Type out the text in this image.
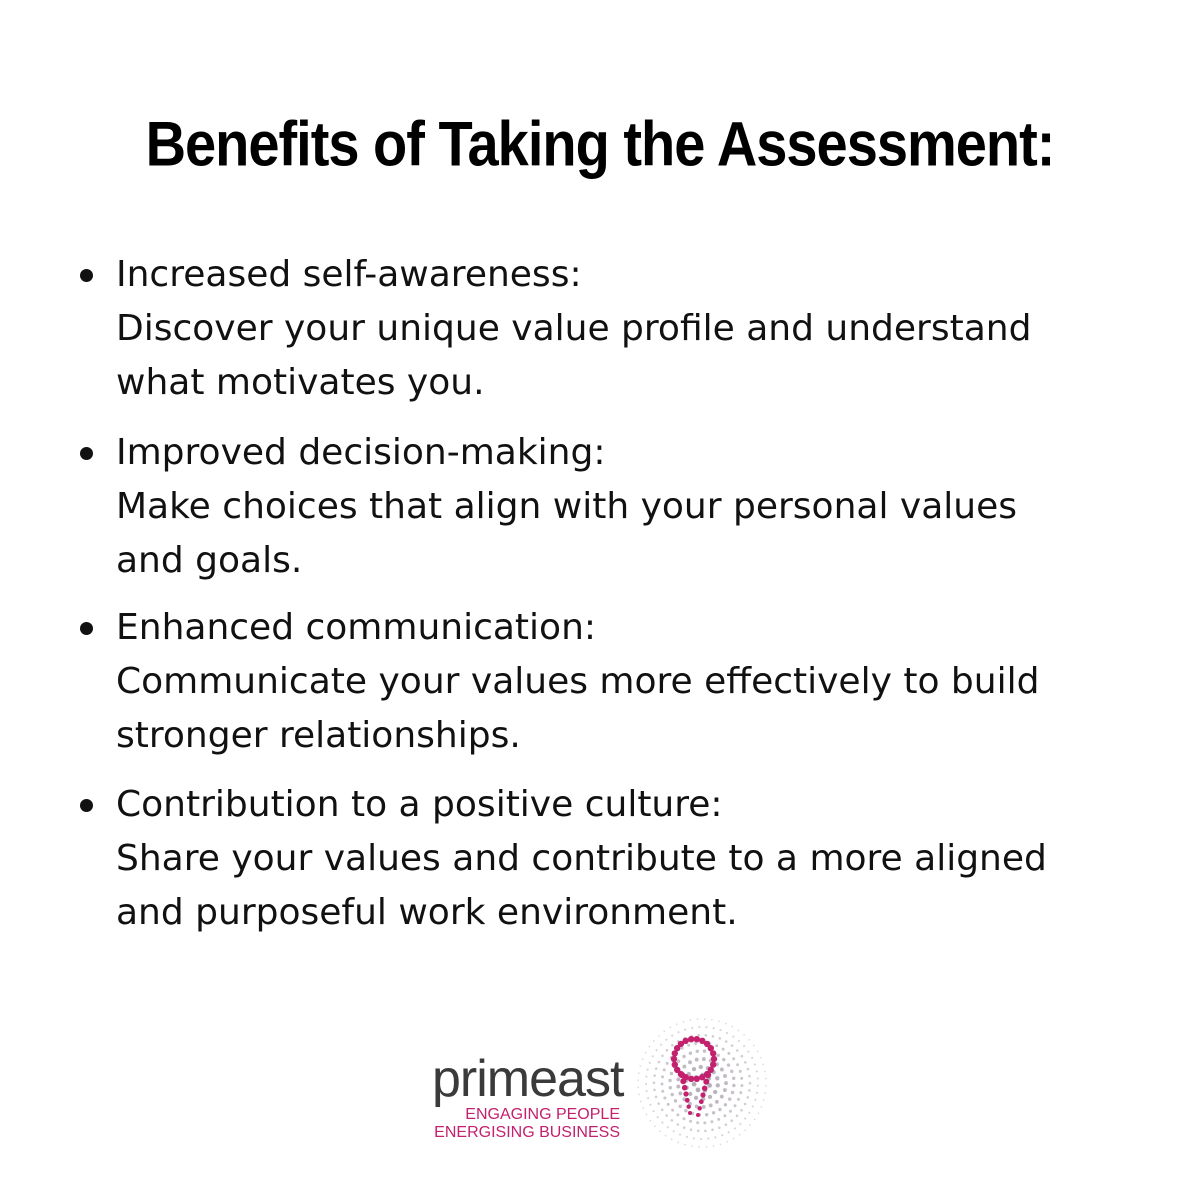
Benefits of Taking the Assessment:
Increased self-awareness:
Discover your unique value profile and understand
what motivates you.
Improved decision-making:
Make choices that align with your personal values
and goals.
Enhanced communication:
Communicate your values more effectively to build
stronger relationships.
Contribution to a positive culture:
Share your values and contribute to a more aligned
and purposeful work environment.
primeast
ENGAGING PEOPLE
ENERGISING BUSINESS
